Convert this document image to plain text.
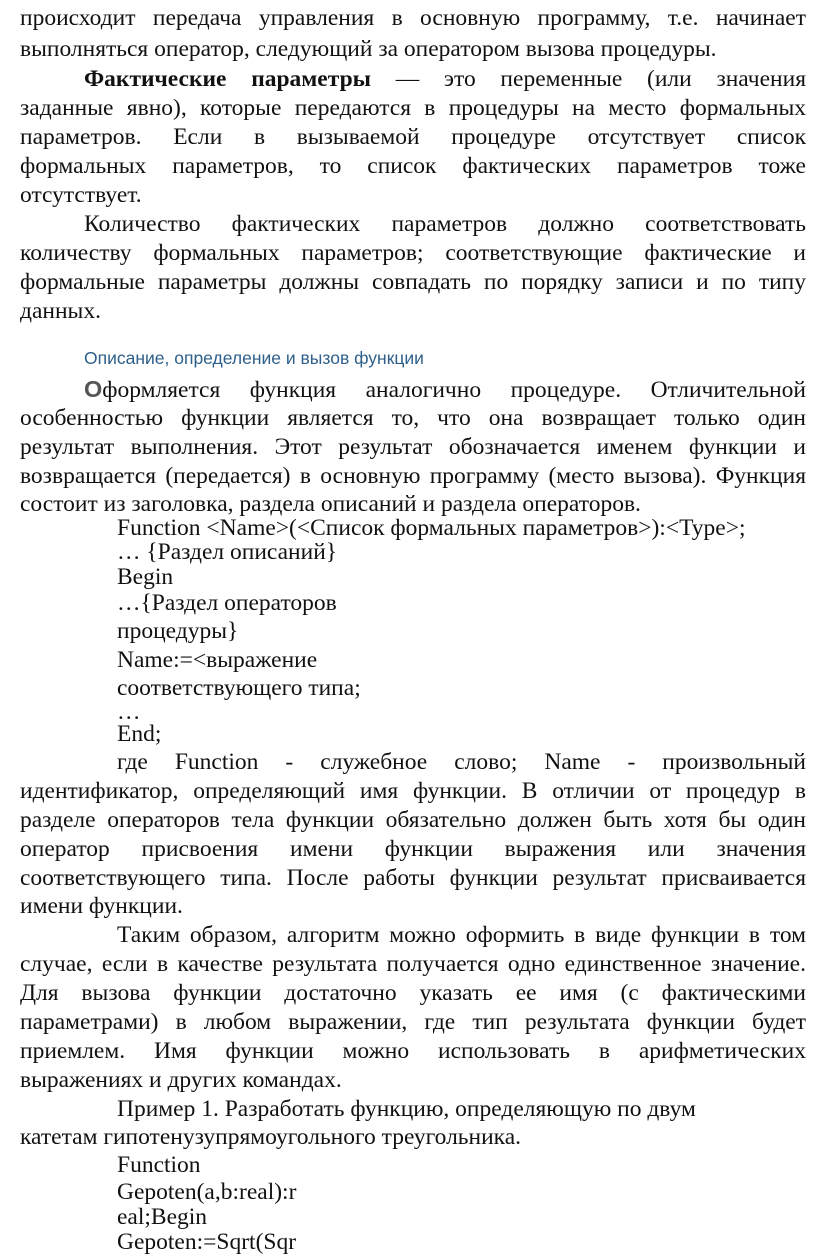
происходит передача управления в основную программу, т.е. начинает

выполняться оператор, следующий за оператором вызова процедуры.

Фактические параметры — это переменные (или значения

заданные явно), которые передаются в процедуры на место формальных

параметров. Если в вызываемой процедуре отсутствует список

формальных параметров, то список фактических параметров тоже

отсутствует.

Количество фактических параметров должно соответствовать

количеству формальных параметров; соответствующие фактические и

формальные параметры должны совпадать по порядку записи и по типу

данных.

Описание, определение и вызов функции

Оформляется функция аналогично процедуре. Отличительной

особенностью функции является то, что она возвращает только один

результат выполнения. Этот результат обозначается именем функции и

возвращается (передается) в основную программу (место вызова). Функция

состоит из заголовка, раздела описаний и раздела операторов.

Function <Name>(<Список формальных параметров>):<Type>;

… {Раздел описаний}

Begin

…{Раздел операторов

процедуры}

Name:=<выражение

соответствующего типа;

…

End;

где Function - служебное слово; Name - произвольный

идентификатор, определяющий имя функции. В отличии от процедур в

разделе операторов тела функции обязательно должен быть хотя бы один

оператор присвоения имени функции выражения или значения

соответствующего типа. После работы функции результат присваивается

имени функции.

Таким образом, алгоритм можно оформить в виде функции в том

случае, если в качестве результата получается одно единственное значение.

Для вызова функции достаточно указать ее имя (с фактическими

параметрами) в любом выражении, где тип результата функции будет

приемлем. Имя функции можно использовать в арифметических

выражениях и других командах.

Пример 1. Разработать функцию, определяющую по двум

катетам гипотенузупрямоугольного треугольника.

Function

Gepoten(a,b:real):r

eal;Begin

Gepoten:=Sqrt(Sqr
